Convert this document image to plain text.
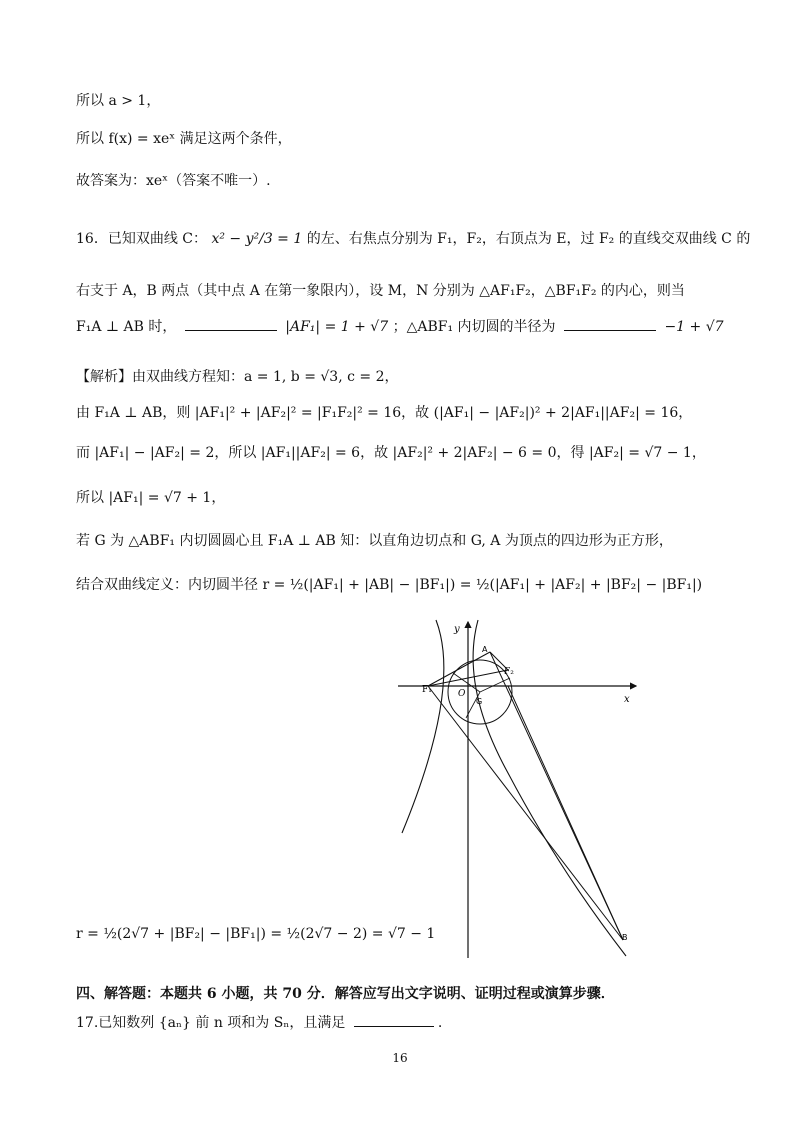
所以 a > 1，
所以 f(x) = xeˣ 满足这两个条件，
故答案为：xeˣ（答案不唯一）.
16．已知双曲线 C： x² − y²/3 = 1 的左、右焦点分别为 F₁，F₂，右顶点为 E，过 F₂ 的直线交双曲线 C 的
右支于 A，B 两点（其中点 A 在第一象限内），设 M，N 分别为 △AF₁F₂，△BF₁F₂ 的内心，则当
F₁A ⊥ AB 时，	|AF₁| = 1 + √7 ；△ABF₁ 内切圆的半径为	−1 + √7
【解析】由双曲线方程知：a = 1, b = √3, c = 2，
由 F₁A ⊥ AB，则 |AF₁|² + |AF₂|² = |F₁F₂|² = 16，故 (|AF₁| − |AF₂|)² + 2|AF₁||AF₂| = 16，
而 |AF₁| − |AF₂| = 2，所以 |AF₁||AF₂| = 6，故 |AF₂|² + 2|AF₂| − 6 = 0，得 |AF₂| = √7 − 1，
所以 |AF₁| = √7 + 1，
若 G 为 △ABF₁ 内切圆圆心且 F₁A ⊥ AB 知：以直角边切点和 G, A 为顶点的四边形为正方形，
结合双曲线定义：内切圆半径 r = ½(|AF₁| + |AB| − |BF₁|) = ½(|AF₁| + |AF₂| + |BF₂| − |BF₁|)
y
x
A
F₂
F₁	O
G
B
r = ½(2√7 + |BF₂| − |BF₁|) = ½(2√7 − 2) = √7 − 1
四、解答题：本题共 6 小题，共 70 分．解答应写出文字说明、证明过程或演算步骤．
17.已知数列 {aₙ} 前 n 项和为 Sₙ，且满足	.
16
